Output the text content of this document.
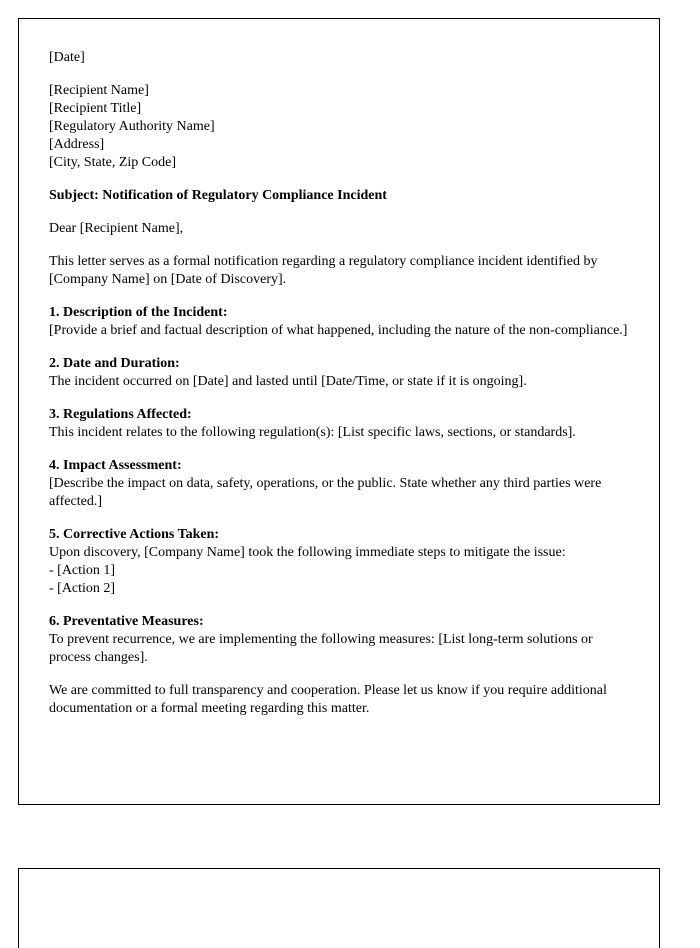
[Date]

[Recipient Name]
[Recipient Title]
[Regulatory Authority Name]
[Address]
[City, State, Zip Code]

Subject: Notification of Regulatory Compliance Incident

Dear [Recipient Name],

This letter serves as a formal notification regarding a regulatory compliance incident identified by [Company Name] on [Date of Discovery].

1. Description of the Incident:
[Provide a brief and factual description of what happened, including the nature of the non-compliance.]
2. Date and Duration:
The incident occurred on [Date] and lasted until [Date/Time, or state if it is ongoing].
3. Regulations Affected:
This incident relates to the following regulation(s): [List specific laws, sections, or standards].
4. Impact Assessment:
[Describe the impact on data, safety, operations, or the public. State whether any third parties were affected.]
5. Corrective Actions Taken:
Upon discovery, [Company Name] took the following immediate steps to mitigate the issue:
- [Action 1]
- [Action 2]
6. Preventative Measures:
To prevent recurrence, we are implementing the following measures: [List long-term solutions or process changes].

We are committed to full transparency and cooperation. Please let us know if you require additional documentation or a formal meeting regarding this matter.
